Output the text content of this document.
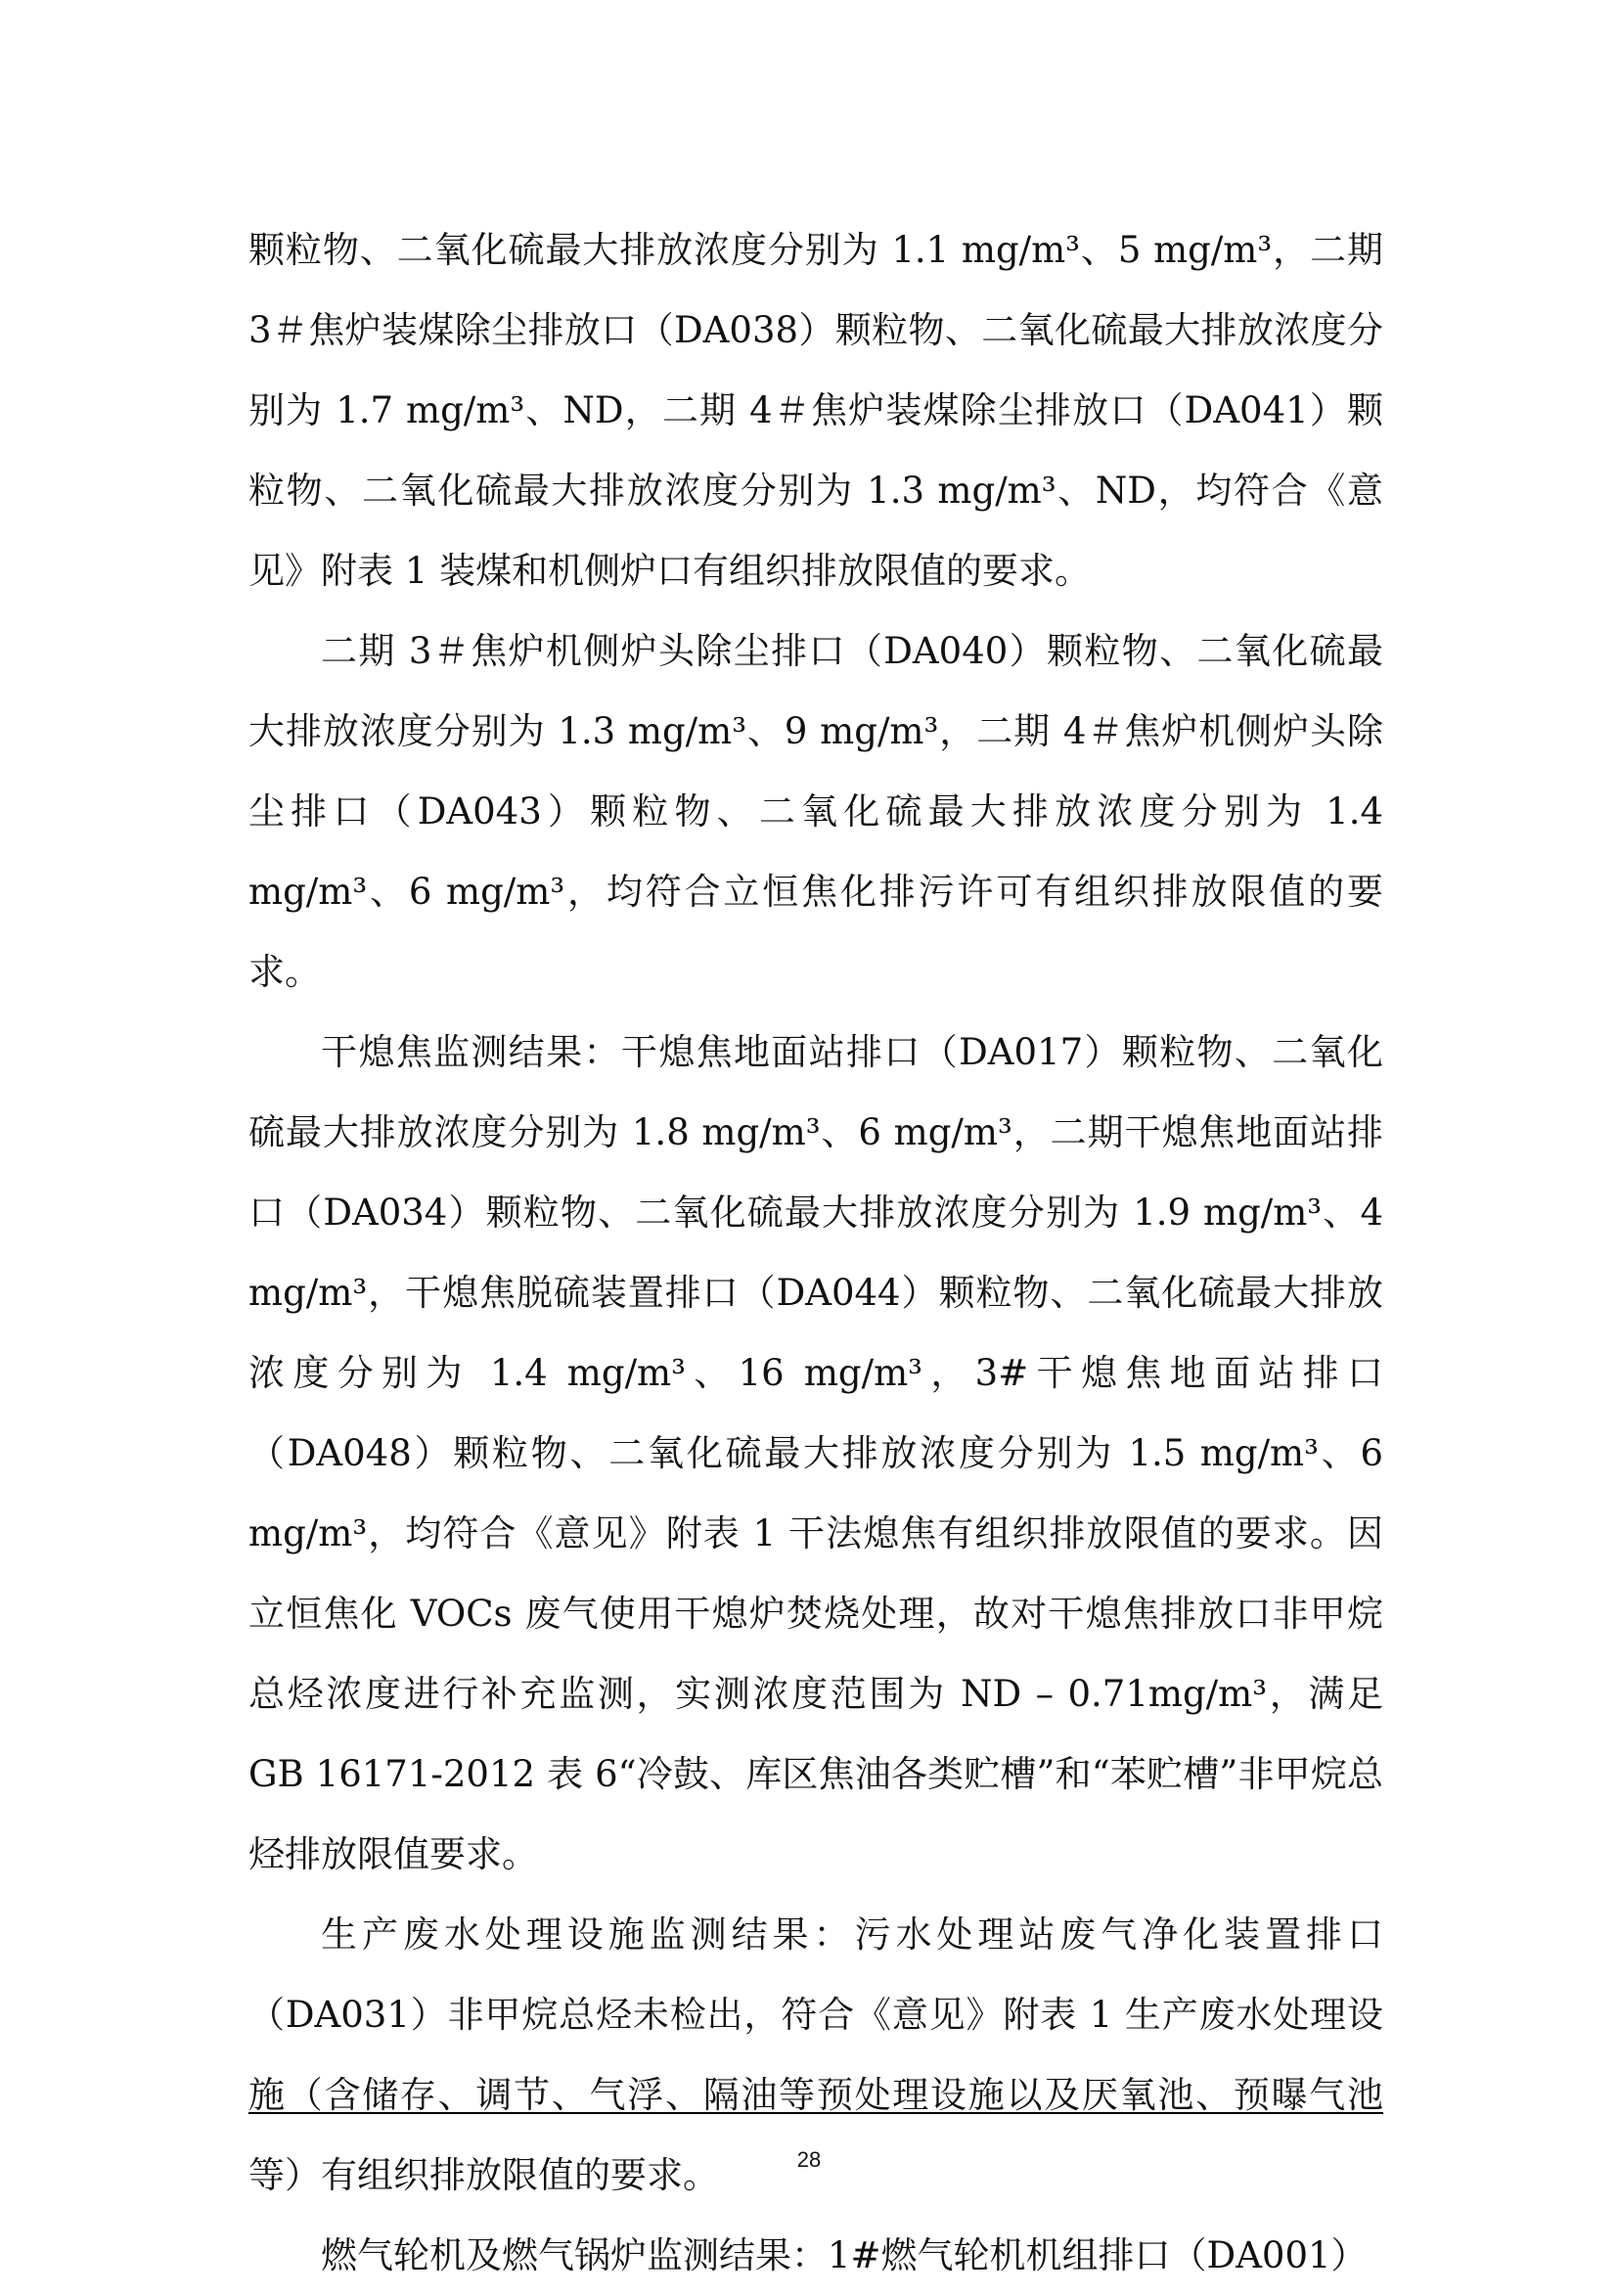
颗粒物、二氧化硫最大排放浓度分别为 1.1 mg/m³、5 mg/m³，二期 3＃焦炉装煤除尘排放口（DA038）颗粒物、二氧化硫最大排放浓度分别为 1.7 mg/m³、ND，二期 4＃焦炉装煤除尘排放口（DA041）颗粒物、二氧化硫最大排放浓度分别为 1.3 mg/m³、ND，均符合《意见》附表 1 装煤和机侧炉口有组织排放限值的要求。

二期 3＃焦炉机侧炉头除尘排口（DA040）颗粒物、二氧化硫最大排放浓度分别为 1.3 mg/m³、9 mg/m³，二期 4＃焦炉机侧炉头除尘排口（DA043）颗粒物、二氧化硫最大排放浓度分别为 1.4 mg/m³、6 mg/m³，均符合立恒焦化排污许可有组织排放限值的要求。

干熄焦监测结果：干熄焦地面站排口（DA017）颗粒物、二氧化硫最大排放浓度分别为 1.8 mg/m³、6 mg/m³，二期干熄焦地面站排口（DA034）颗粒物、二氧化硫最大排放浓度分别为 1.9 mg/m³、4 mg/m³，干熄焦脱硫装置排口（DA044）颗粒物、二氧化硫最大排放浓度分别为 1.4 mg/m³、16 mg/m³，3#干熄焦地面站排口（DA048）颗粒物、二氧化硫最大排放浓度分别为 1.5 mg/m³、6 mg/m³，均符合《意见》附表 1 干法熄焦有组织排放限值的要求。因立恒焦化 VOCs 废气使用干熄炉焚烧处理，故对干熄焦排放口非甲烷总烃浓度进行补充监测，实测浓度范围为 ND – 0.71mg/m³，满足 GB 16171-2012 表 6“冷鼓、库区焦油各类贮槽”和“苯贮槽”非甲烷总烃排放限值要求。

生产废水处理设施监测结果：污水处理站废气净化装置排口（DA031）非甲烷总烃未检出，符合《意见》附表 1 生产废水处理设施（含储存、调节、气浮、隔油等预处理设施以及厌氧池、预曝气池等）有组织排放限值的要求。

燃气轮机及燃气锅炉监测结果：1#燃气轮机机组排口（DA001）

28
